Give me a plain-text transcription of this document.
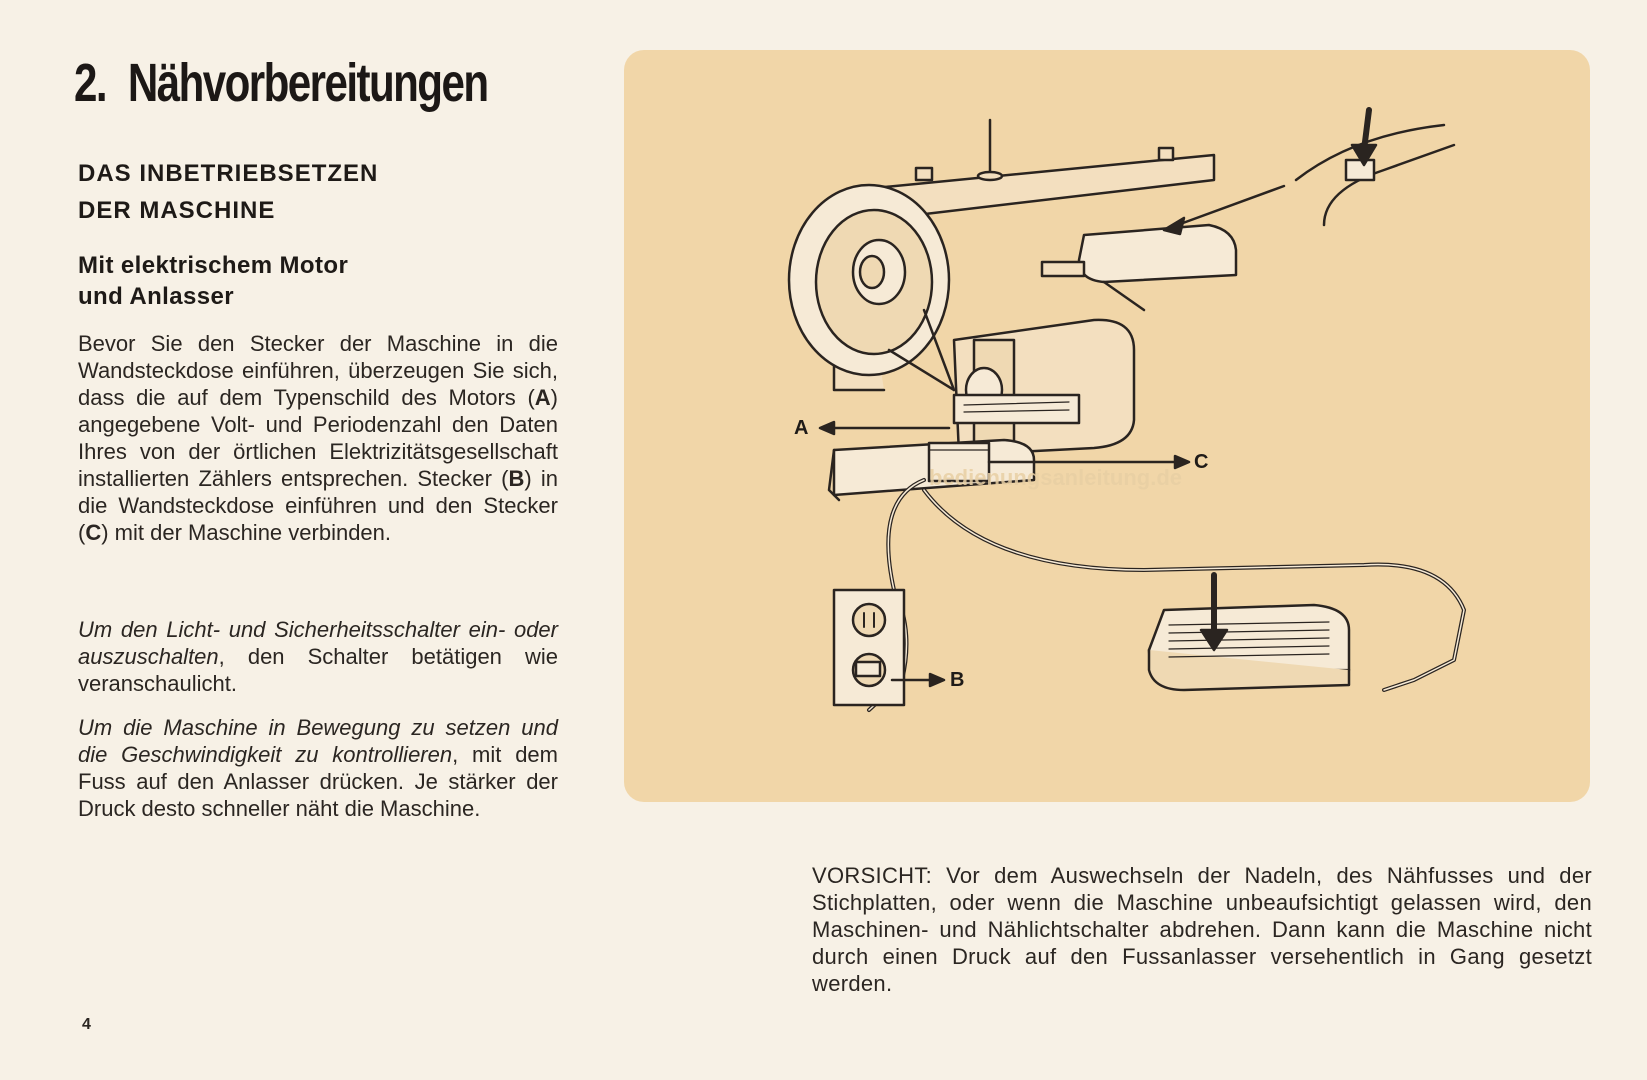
2. Nähvorbereitungen
DAS INBETRIEBSETZEN
DER MASCHINE
Mit elektrischem Motor
und Anlasser

Bevor Sie den Stecker der Maschine in die Wandsteckdose einführen, überzeugen Sie sich, dass die auf dem Typenschild des Motors (A) angegebene Volt- und Periodenzahl den Daten Ihres von der örtlichen Elektrizitätsgesellschaft installierten Zählers entsprechen. Stecker (B) in die Wandsteckdose einführen und den Stecker (C) mit der Maschine verbinden.

Um den Licht- und Sicherheitsschalter ein- oder auszuschalten, den Schalter betätigen wie veranschaulicht.

Um die Maschine in Bewegung zu setzen und die Geschwindigkeit zu kontrollieren, mit dem Fuss auf den Anlasser drücken. Je stärker der Druck desto schneller näht die Maschine.

A
C
B
bedienungsanleitung.de

VORSICHT: Vor dem Auswechseln der Nadeln, des Nähfusses und der Stichplatten, oder wenn die Maschine unbeaufsichtigt gelassen wird, den Maschinen- und Nählichtschalter abdrehen. Dann kann die Maschine nicht durch einen Druck auf den Fussanlasser versehentlich in Gang gesetzt werden.

4
